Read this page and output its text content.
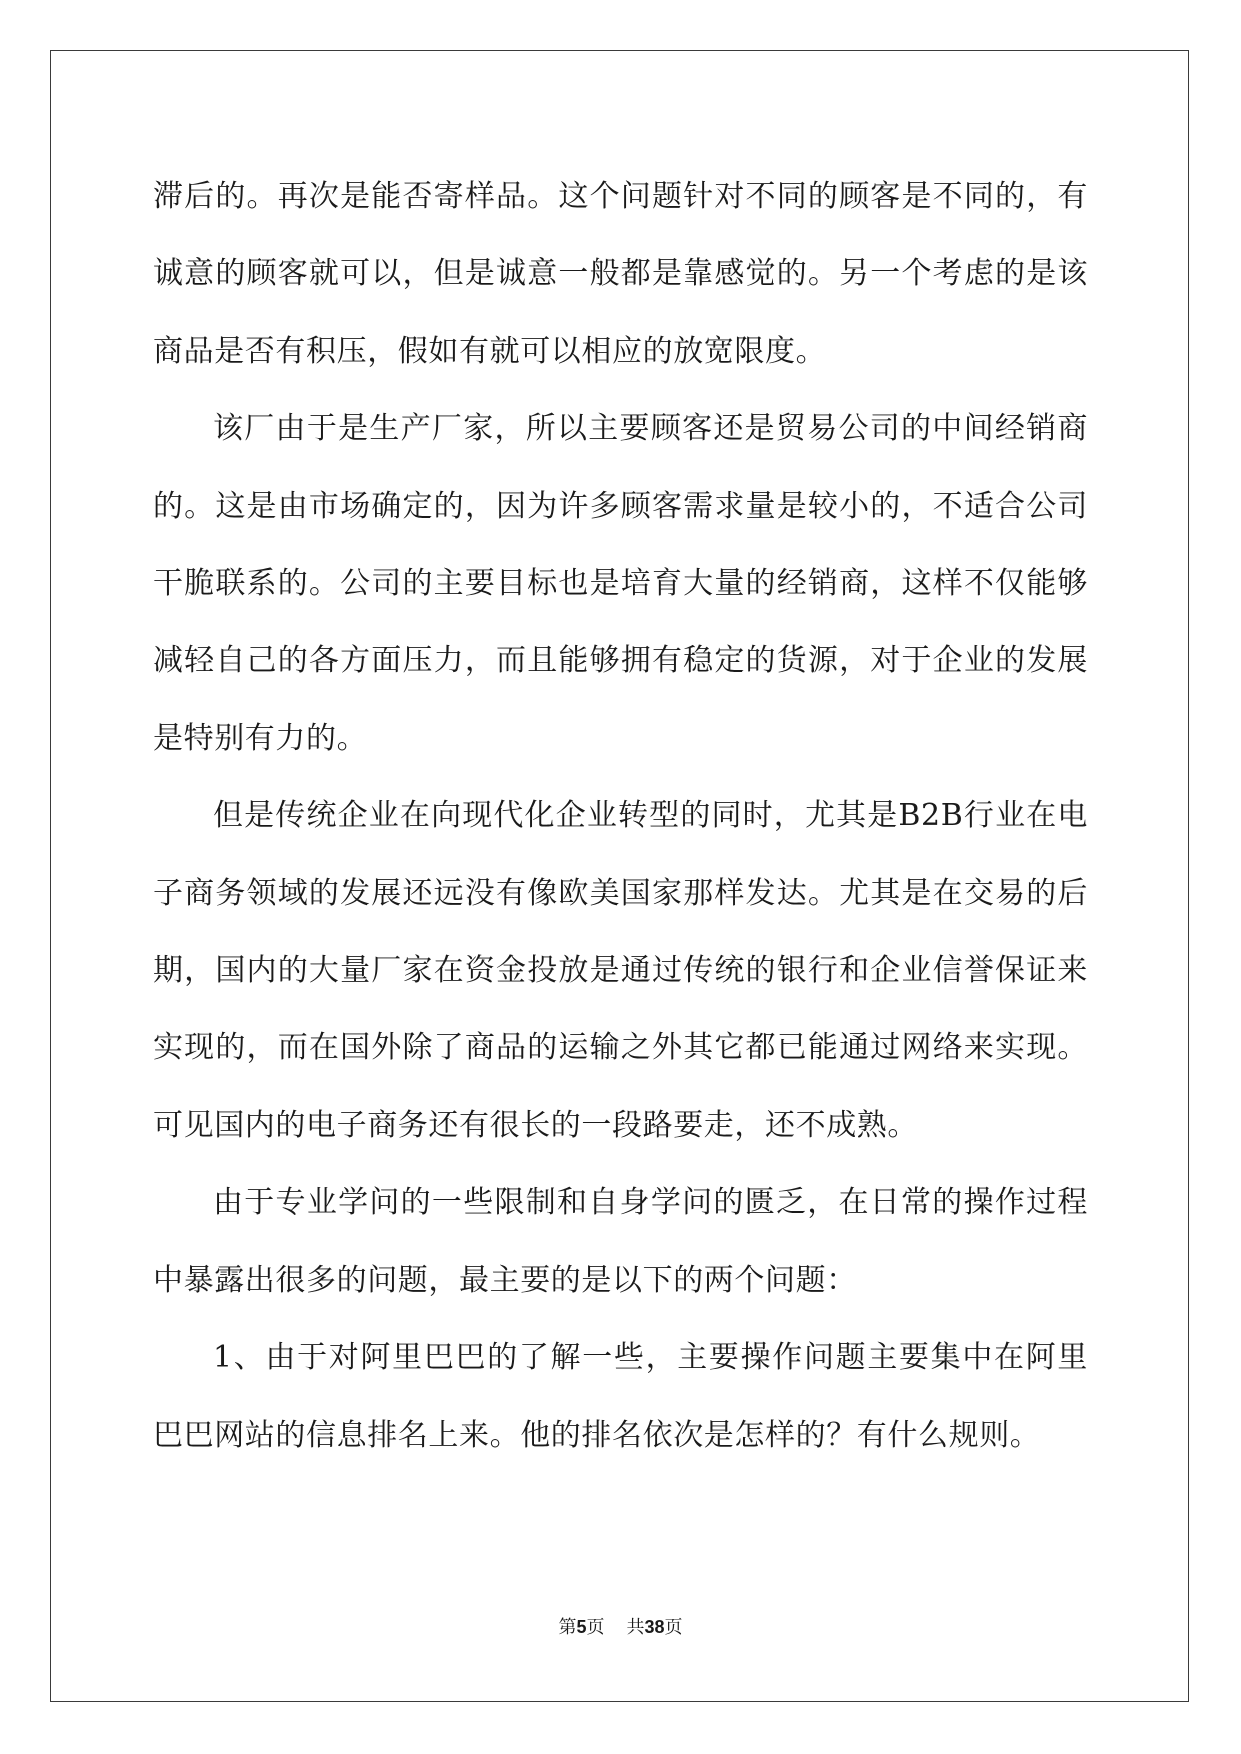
滞后的。再次是能否寄样品。这个问题针对不同的顾客是不同的，有诚意的顾客就可以，但是诚意一般都是靠感觉的。另一个考虑的是该商品是否有积压，假如有就可以相应的放宽限度。

该厂由于是生产厂家，所以主要顾客还是贸易公司的中间经销商的。这是由市场确定的，因为许多顾客需求量是较小的，不适合公司干脆联系的。公司的主要目标也是培育大量的经销商，这样不仅能够减轻自己的各方面压力，而且能够拥有稳定的货源，对于企业的发展是特别有力的。

但是传统企业在向现代化企业转型的同时，尤其是B2B行业在电子商务领域的发展还远没有像欧美国家那样发达。尤其是在交易的后期，国内的大量厂家在资金投放是通过传统的银行和企业信誉保证来实现的，而在国外除了商品的运输之外其它都已能通过网络来实现。可见国内的电子商务还有很长的一段路要走，还不成熟。

由于专业学问的一些限制和自身学问的匮乏，在日常的操作过程中暴露出很多的问题，最主要的是以下的两个问题：

1、由于对阿里巴巴的了解一些，主要操作问题主要集中在阿里巴巴网站的信息排名上来。他的排名依次是怎样的？有什么规则。

第5页 共38页
